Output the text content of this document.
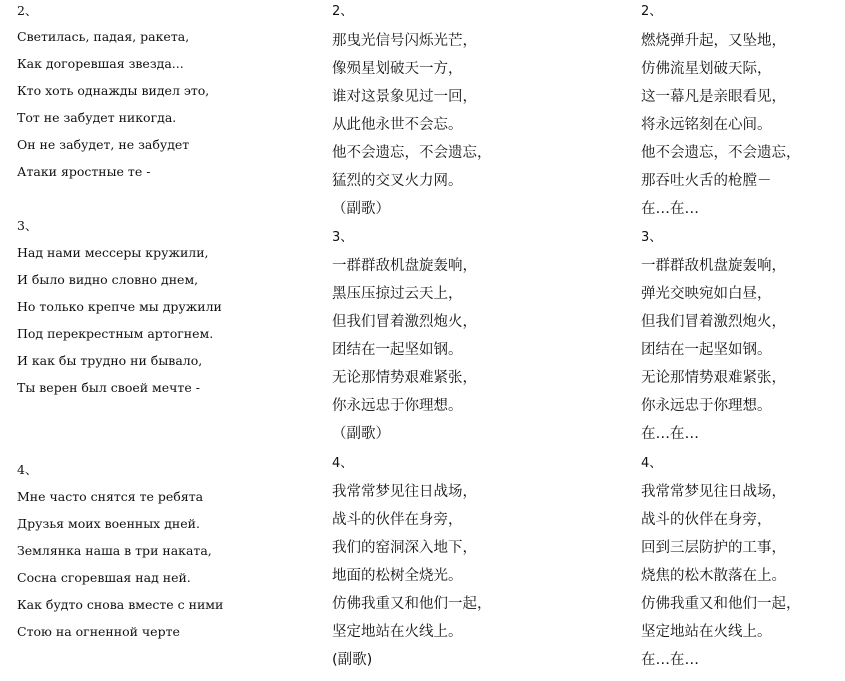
2、
Светилась, падая, ракета,
Как догоревшая звезда...
Кто хоть однажды видел это,
Тот не забудет никогда.
Он не забудет, не забудет
Атаки яростные те -
3、
Над нами мессеры кружили,
И было видно словно днем,
Но только крепче мы дружили
Под перекрестным артогнем.
И как бы трудно ни бывало,
Ты верен был своей мечте -
4、
Мне часто снятся те ребята
Друзья моих военных дней.
Землянка наша в три наката,
Сосна сгоревшая над ней.
Как будто снова вместе с ними
Стою на огненной черте
2、
那曳光信号闪烁光芒，
像殒星划破天一方，
谁对这景象见过一回，
从此他永世不会忘。
他不会遗忘，不会遗忘，
猛烈的交叉火力网。
（副歌）
3、
一群群敌机盘旋轰响，
黑压压掠过云天上，
但我们冒着激烈炮火，
团结在一起坚如钢。
无论那情势艰难紧张，
你永远忠于你理想。
（副歌）
4、
我常常梦见往日战场，
战斗的伙伴在身旁，
我们的窑洞深入地下，
地面的松树全烧光。
仿佛我重又和他们一起，
坚定地站在火线上。
(副歌)
2、
燃烧弹升起，又坠地，
仿佛流星划破天际，
这一幕凡是亲眼看见，
将永远铭刻在心间。
他不会遗忘，不会遗忘，
那吞吐火舌的枪膛－
在…在…
3、
一群群敌机盘旋轰响，
弹光交映宛如白昼，
但我们冒着激烈炮火，
团结在一起坚如钢。
无论那情势艰难紧张，
你永远忠于你理想。
在…在…
4、
我常常梦见往日战场，
战斗的伙伴在身旁，
回到三层防护的工事，
烧焦的松木散落在上。
仿佛我重又和他们一起，
坚定地站在火线上。
在…在…
